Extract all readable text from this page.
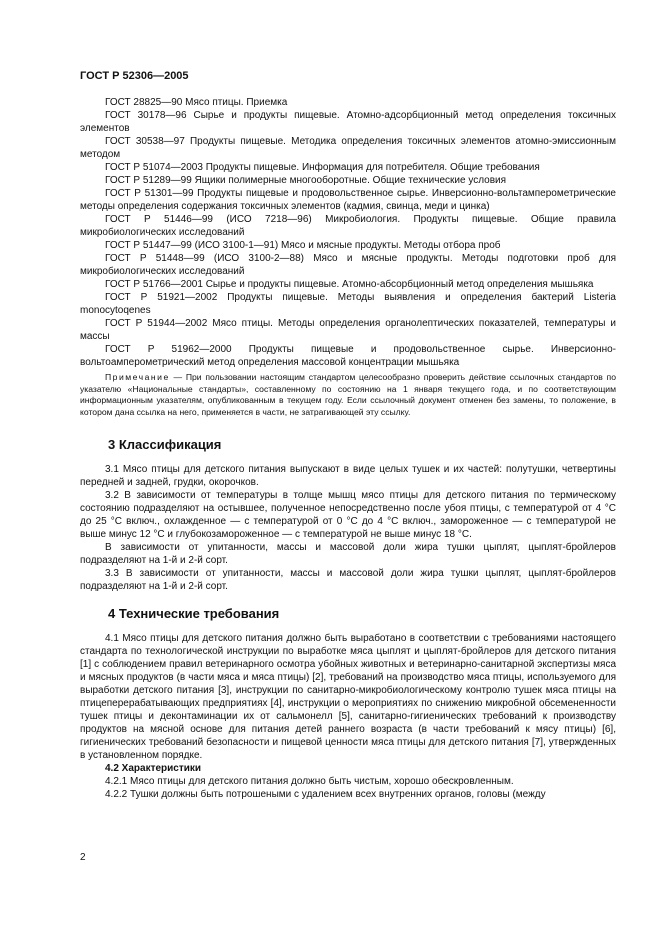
ГОСТ Р 52306—2005

ГОСТ 28825—90 Мясо птицы. Приемка

ГОСТ 30178—96 Сырье и продукты пищевые. Атомно-адсорбционный метод определения токсичных элементов

ГОСТ 30538—97 Продукты пищевые. Методика определения токсичных элементов атомно-эмиссионным методом

ГОСТ Р 51074—2003 Продукты пищевые. Информация для потребителя. Общие требования

ГОСТ Р 51289—99 Ящики полимерные многооборотные. Общие технические условия

ГОСТ Р 51301—99 Продукты пищевые и продовольственное сырье. Инверсионно-вольтамперометрические методы определения содержания токсичных элементов (кадмия, свинца, меди и цинка)

ГОСТ Р 51446—99 (ИСО 7218—96) Микробиология. Продукты пищевые. Общие правила микробиологических исследований

ГОСТ Р 51447—99 (ИСО 3100-1—91) Мясо и мясные продукты. Методы отбора проб

ГОСТ Р 51448—99 (ИСО 3100-2—88) Мясо и мясные продукты. Методы подготовки проб для микробиологических исследований

ГОСТ Р 51766—2001 Сырье и продукты пищевые. Атомно-абсорбционный метод определения мышьяка

ГОСТ Р 51921—2002 Продукты пищевые. Методы выявления и определения бактерий Listeria monocytoqenes

ГОСТ Р 51944—2002 Мясо птицы. Методы определения органолептических показателей, температуры и массы

ГОСТ Р 51962—2000 Продукты пищевые и продовольственное сырье. Инверсионно-вольтоамперометрический метод определения массовой концентрации мышьяка

Примечание — При пользовании настоящим стандартом целесообразно проверить действие ссылочных стандартов по указателю «Национальные стандарты», составленному по состоянию на 1 января текущего года, и по соответствующим информационным указателям, опубликованным в текущем году. Если ссылочный документ отменен без замены, то положение, в котором дана ссылка на него, применяется в части, не затрагивающей эту ссылку.
3 Классификация

3.1 Мясо птицы для детского питания выпускают в виде целых тушек и их частей: полутушки, четвертины передней и задней, грудки, окорочков.

3.2 В зависимости от температуры в толще мышц мясо птицы для детского питания по термическому состоянию подразделяют на остывшее, полученное непосредственно после убоя птицы, с температурой от 4 °С до 25 °С включ., охлажденное — с температурой от 0 °С до 4 °С включ., замороженное — с температурой не выше минус 12 °С и глубокозамороженное — с температурой не выше минус 18 °С.

В зависимости от упитанности, массы и массовой доли жира тушки цыплят, цыплят-бройлеров подразделяют на 1-й и 2-й сорт.

3.3 В зависимости от упитанности, массы и массовой доли жира тушки цыплят, цыплят-бройлеров подразделяют на 1-й и 2-й сорт.

4 Технические требования

4.1 Мясо птицы для детского питания должно быть выработано в соответствии с требованиями настоящего стандарта по технологической инструкции по выработке мяса цыплят и цыплят-бройлеров для детского питания [1] с соблюдением правил ветеринарного осмотра убойных животных и ветеринарно-санитарной экспертизы мяса и мясных продуктов (в части мяса и мяса птицы) [2], требований на производство мяса птицы, используемого для выработки детского питания [3], инструкции по санитарно-микробиологическому контролю тушек мяса птицы на птицеперерабатывающих предприятиях [4], инструкции о мероприятиях по снижению микробной обсемененности тушек птицы и деконтаминации их от сальмонелл [5], санитарно-гигиенических требований к производству продуктов на мясной основе для питания детей раннего возраста (в части требований к мясу птицы) [6], гигиенических требований безопасности и пищевой ценности мяса птицы для детского питания [7], утвержденных в установленном порядке.

4.2 Характеристики

4.2.1 Мясо птицы для детского питания должно быть чистым, хорошо обескровленным.

4.2.2 Тушки должны быть потрошеными с удалением всех внутренних органов, головы (между

2
